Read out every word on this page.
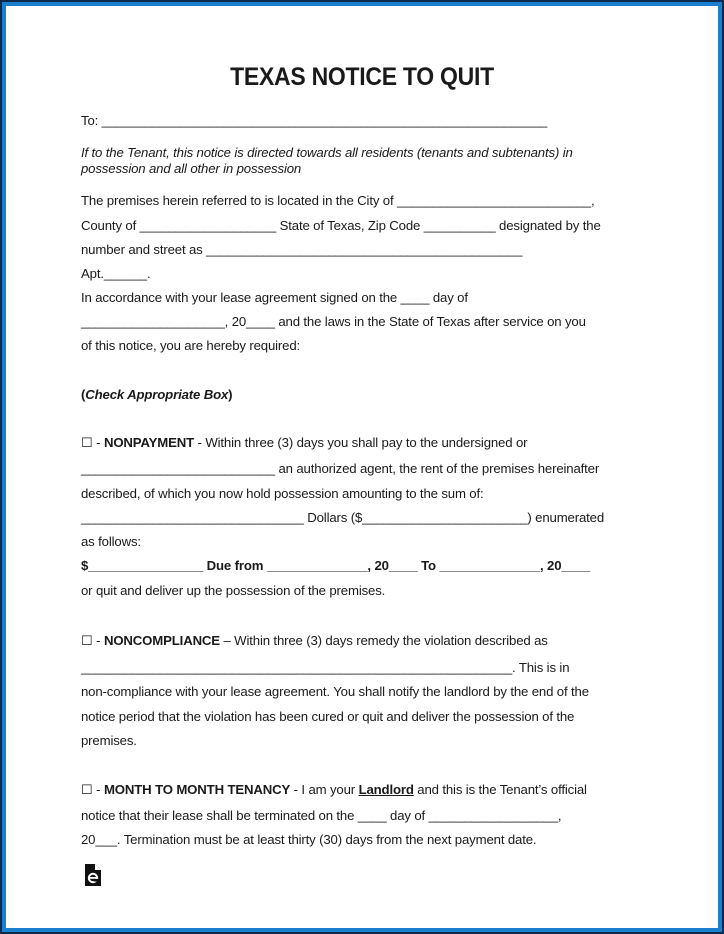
TEXAS NOTICE TO QUIT
To: ______________________________________________________________
If to the Tenant, this notice is directed towards all residents (tenants and subtenants) in
possession and all other in possession
The premises herein referred to is located in the City of ___________________________,
County of ___________________ State of Texas, Zip Code __________ designated by the
number and street as ____________________________________________
Apt.______.
In accordance with your lease agreement signed on the ____ day of
____________________, 20____ and the laws in the State of Texas after service on you
of this notice, you are hereby required:
(Check Appropriate Box)
☐ - NONPAYMENT - Within three (3) days you shall pay to the undersigned or
___________________________ an authorized agent, the rent of the premises hereinafter
described, of which you now hold possession amounting to the sum of:
_______________________________ Dollars ($_______________________) enumerated
as follows:
$________________ Due from ______________, 20____ To ______________, 20____
or quit and deliver up the possession of the premises.
☐ - NONCOMPLIANCE – Within three (3) days remedy the violation described as
____________________________________________________________. This is in
non-compliance with your lease agreement. You shall notify the landlord by the end of the
notice period that the violation has been cured or quit and deliver the possession of the
premises.
☐ - MONTH TO MONTH TENANCY - I am your Landlord and this is the Tenant’s official
notice that their lease shall be terminated on the ____ day of __________________,
20___. Termination must be at least thirty (30) days from the next payment date.
